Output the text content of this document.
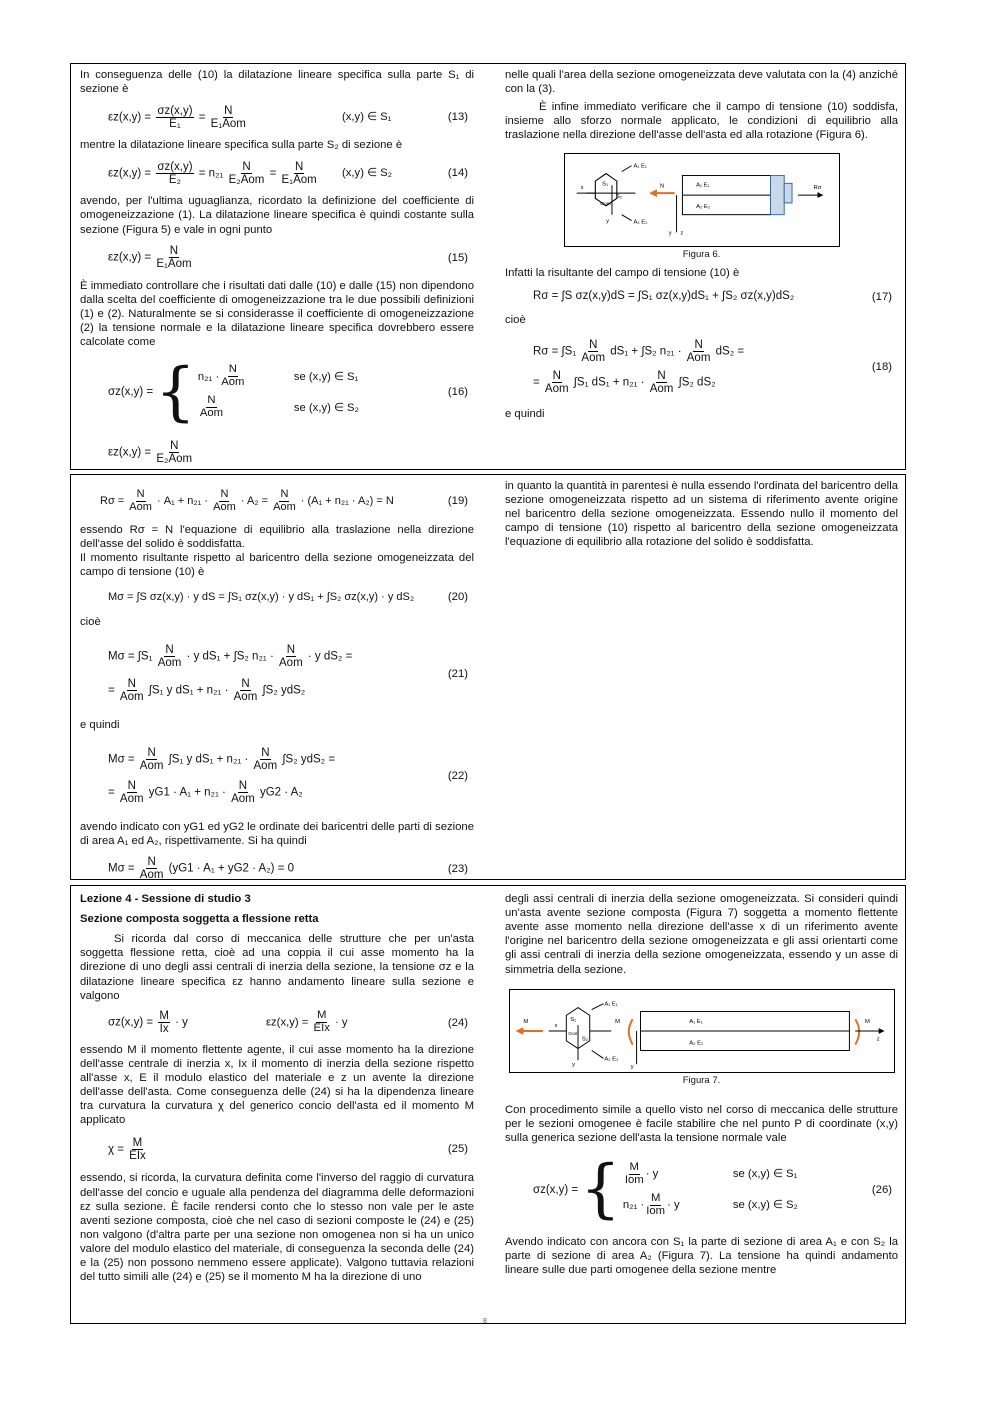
In conseguenza delle (10) la dilatazione lineare specifica sulla parte S₁ di sezione è

$\varepsilon z(x,y) = \frac{\sigma z(x,y)}{\text{E₁}}$ =
N
E₁Aom
(x,y) ∈ S₁	(13)

mentre la dilatazione lineare specifica sulla parte S₂ di sezione è

$\varepsilon z(x,y) = \frac{\sigma z(x,y)}{\text{E₂}} = n_{21}$
N
E₂Aom
=
N
E₁Aom
(x,y) ∈ S₂	(14)

avendo, per l'ultima uguaglianza, ricordato la definizione del coefficiente di omogeneizzazione (1). La dilatazione lineare specifica è quindi costante sulla sezione (Figura 5) e vale in ogni punto

εz(x,y) =
N
E₁Aom
(15)

È immediato controllare che i risultati dati dalle (10) e dalle (15) non dipendono dalla scelta del coefficiente di omogeneizzazione tra le due possibili definizioni (1) e (2). Naturalmente se si considerasse il coefficiente di omogeneizzazione (2) la tensione normale e la dilatazione lineare specifica dovrebbero essere calcolate come

σz(x,y) = { n₂₁ ·
N
Aom	se (x,y) ∈ S₁
N
Aom	se (x,y) ∈ S₂
(16)
εz(x,y) =
N
E₂Aom

nelle quali l'area della sezione omogeneizzata deve valutata con la (4) anziché con la (3).

È infine immediato verificare che il campo di tensione (10) soddisfa, insieme allo sforzo normale applicato, le condizioni di equilibrio alla traslazione nella direzione dell'asse dell'asta ed alla rotazione (Figura 6).

S₁
S₂
Gom
x
y
A₁ E₁
A₂ E₂
N	A₁ E₁
A₂ E₂
Rσ
y z
Figura 6.

Infatti la risultante del campo di tensione (10) è

Rσ = ∫S σz(x,y)dS = ∫S₁ σz(x,y)dS₁ + ∫S₂ σz(x,y)dS₂	(17)

cioè

Rσ = ∫S₁
N
Aom
dS₁ + ∫S₂ n₂₁ ·
N
Aom
dS₂ =
=
N
Aom
∫S₁ dS₁ + n₂₁ ·
N
Aom
∫S₂ dS₂
(18)

e quindi

Rσ =
N
Aom · A₁ + n₂₁ ·
N
Aom · A₂ =
N
Aom · (A₁ + n₂₁ · A₂) = N	(19)

essendo Rσ = N l'equazione di equilibrio alla traslazione nella direzione dell'asse del solido è soddisfatta.

Il momento risultante rispetto al baricentro della sezione omogeneizzata del campo di tensione (10) è

Mσ = ∫S σz(x,y) · y dS = ∫S₁ σz(x,y) · y dS₁ + ∫S₂ σz(x,y) · y dS₂	(20)

cioè

Mσ = ∫S₁
N
Aom
· y dS₁ + ∫S₂ n₂₁ ·
N
Aom
· y dS₂ =
=
N
Aom
∫S₁ y dS₁ + n₂₁ ·
N
Aom
∫S₂ ydS₂
(21)

e quindi

Mσ =
N
Aom
∫S₁ y dS₁ + n₂₁ ·
N
Aom
∫S₂ ydS₂ =
=
N
Aom
yG1 · A₁ + n₂₁ ·
N
Aom
yG2 · A₂
(22)

avendo indicato con yG1 ed yG2 le ordinate dei baricentri delle parti di sezione di area A₁ ed A₂, rispettivamente. Si ha quindi

Mσ =
N
Aom
(yG1 · A₁ + yG2 · A₂) = 0	(23)

in quanto la quantità in parentesi è nulla essendo l'ordinata del baricentro della sezione omogeneizzata rispetto ad un sistema di riferimento avente origine nel baricentro della sezione omogeneizzata. Essendo nullo il momento del campo di tensione (10) rispetto al baricentro della sezione omogeneizzata l'equazione di equilibrio alla rotazione del solido è soddisfatta.

Lezione 4 - Sessione di studio 3

Sezione composta soggetta a flessione retta

Si ricorda dal corso di meccanica delle strutture che per un'asta soggetta flessione retta, cioè ad una coppia il cui asse momento ha la direzione di uno degli assi centrali di inerzia della sezione, la tensione σz e la dilatazione lineare specifica εz hanno andamento lineare sulla sezione e valgono

$\sigma z(x,y) = \frac{M}{Ix} \cdot y$	εz(x,y) =
M
EIx · y	(24)

essendo M il momento flettente agente, il cui asse momento ha la direzione dell'asse centrale di inerzia x, Ix il momento di inerzia della sezione rispetto all'asse x, E il modulo elastico del materiale e z un avente la direzione dell'asse dell'asta. Come conseguenza delle (24) si ha la dipendenza lineare tra curvatura la curvatura χ del generico concio dell'asta ed il momento M applicato

χ =
M
EIx
(25)

essendo, si ricorda, la curvatura definita come l'inverso del raggio di curvatura dell'asse del concio e uguale alla pendenza del diagramma delle deformazioni εz sulla sezione. È facile rendersi conto che lo stesso non vale per le aste aventi sezione composta, cioè che nel caso di sezioni composte le (24) e (25) non valgono (d'altra parte per una sezione non omogenea non si ha un unico valore del modulo elastico del materiale, di conseguenza la seconda delle (24) e la (25) non possono nemmeno essere applicate). Valgono tuttavia relazioni del tutto simili alle (24) e (25) se il momento M ha la direzione di uno

degli assi centrali di inerzia della sezione omogeneizzata. Si consideri quindi un'asta avente sezione composta (Figura 7) soggetta a momento flettente avente asse momento nella direzione dell'asse x di un riferimento avente l'origine nel baricentro della sezione omogeneizzata e gli assi orientarti come gli assi centrali di inerzia della sezione omogeneizzata, essendo y un asse di simmetria della sezione.

M
x
S₁
S₂
Gom
y
A₁ E₁
A₂ E₂
M	A₁ E₁
A₂ E₂
M
z
y
Figura 7.

Con procedimento simile a quello visto nel corso di meccanica delle strutture per le sezioni omogenee è facile stabilire che nel punto P di coordinate (x,y) sulla generica sezione dell'asta la tensione normale vale

σz(x,y) = { M
Iom · y	se (x,y) ∈ S₁
n₂₁ ·
M
Iom · y	se (x,y) ∈ S₂
(26)

Avendo indicato con ancora con S₁ la parte di sezione di area A₁ e con S₂ la parte di sezione di area A₂ (Figura 7). La tensione ha quindi andamento lineare sulle due parti omogenee della sezione mentre

8
